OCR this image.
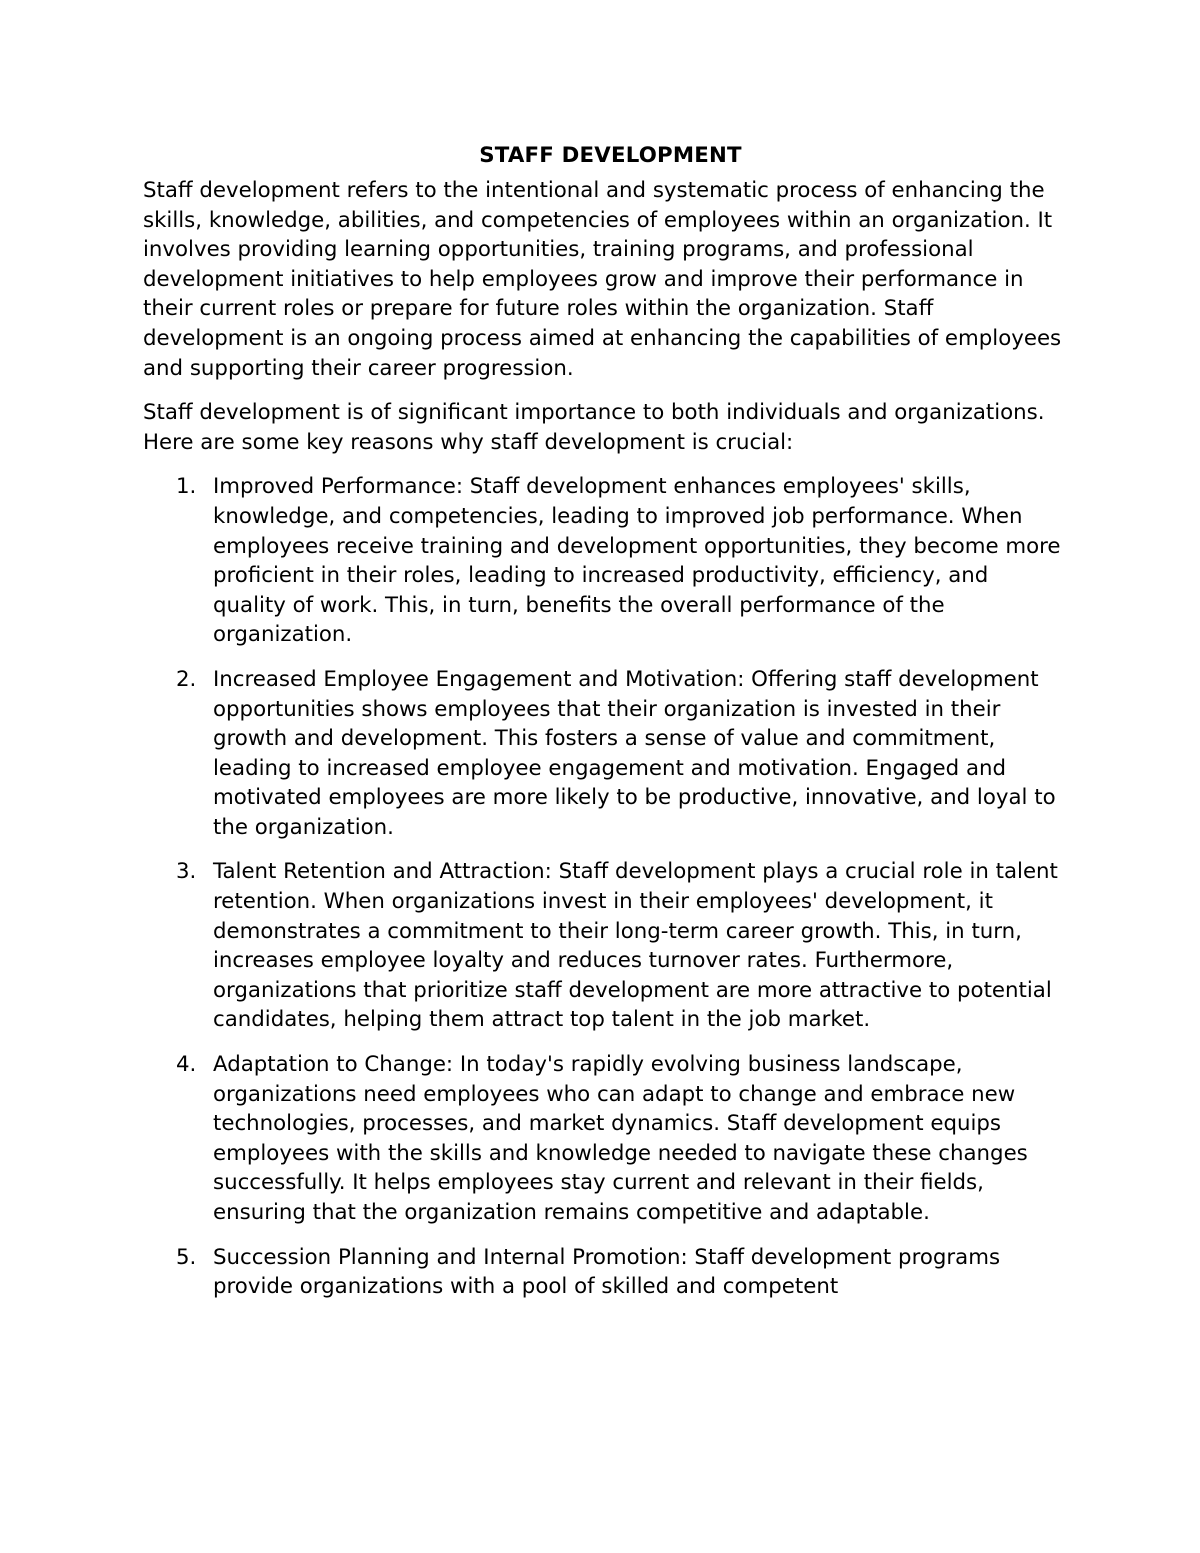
STAFF DEVELOPMENT

Staff development refers to the intentional and systematic process of enhancing the skills, knowledge, abilities, and competencies of employees within an organization. It involves providing learning opportunities, training programs, and professional development initiatives to help employees grow and improve their performance in their current roles or prepare for future roles within the organization. Staff development is an ongoing process aimed at enhancing the capabilities of employees and supporting their career progression.

Staff development is of significant importance to both individuals and organizations. Here are some key reasons why staff development is crucial:

1. Improved Performance: Staff development enhances employees' skills, knowledge, and competencies, leading to improved job performance. When employees receive training and development opportunities, they become more proficient in their roles, leading to increased productivity, efficiency, and quality of work. This, in turn, benefits the overall performance of the organization.
2. Increased Employee Engagement and Motivation: Offering staff development opportunities shows employees that their organization is invested in their growth and development. This fosters a sense of value and commitment, leading to increased employee engagement and motivation. Engaged and motivated employees are more likely to be productive, innovative, and loyal to the organization.
3. Talent Retention and Attraction: Staff development plays a crucial role in talent retention. When organizations invest in their employees' development, it demonstrates a commitment to their long-term career growth. This, in turn, increases employee loyalty and reduces turnover rates. Furthermore, organizations that prioritize staff development are more attractive to potential candidates, helping them attract top talent in the job market.
4. Adaptation to Change: In today's rapidly evolving business landscape, organizations need employees who can adapt to change and embrace new technologies, processes, and market dynamics. Staff development equips employees with the skills and knowledge needed to navigate these changes successfully. It helps employees stay current and relevant in their fields, ensuring that the organization remains competitive and adaptable.
5. Succession Planning and Internal Promotion: Staff development programs provide organizations with a pool of skilled and competent
